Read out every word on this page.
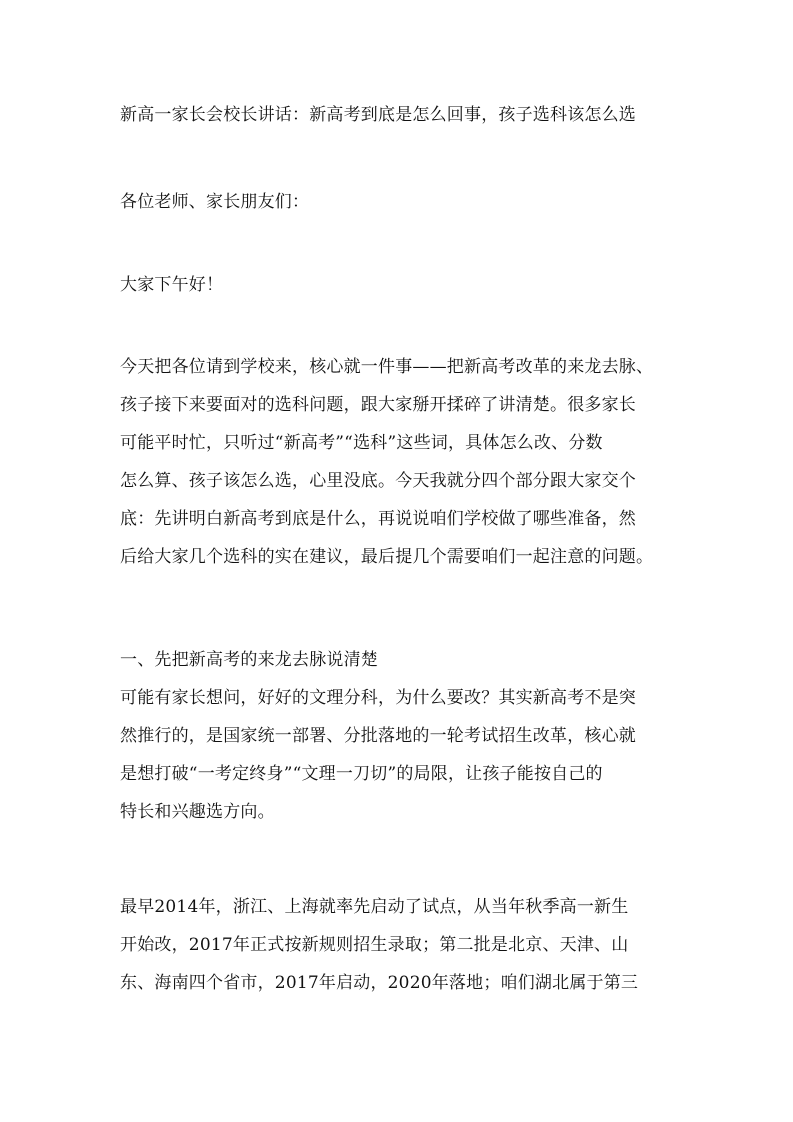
新高一家长会校长讲话：新高考到底是怎么回事，孩子选科该怎么选
各位老师、家长朋友们：
大家下午好！
今天把各位请到学校来，核心就一件事——把新高考改革的来龙去脉、
孩子接下来要面对的选科问题，跟大家掰开揉碎了讲清楚。很多家长
可能平时忙，只听过“新高考”“选科”这些词，具体怎么改、分数
怎么算、孩子该怎么选，心里没底。今天我就分四个部分跟大家交个
底：先讲明白新高考到底是什么，再说说咱们学校做了哪些准备，然
后给大家几个选科的实在建议，最后提几个需要咱们一起注意的问题。
一、先把新高考的来龙去脉说清楚
可能有家长想问，好好的文理分科，为什么要改？其实新高考不是突
然推行的，是国家统一部署、分批落地的一轮考试招生改革，核心就
是想打破“一考定终身”“文理一刀切”的局限，让孩子能按自己的
特长和兴趣选方向。
最早2014年，浙江、上海就率先启动了试点，从当年秋季高一新生
开始改，2017年正式按新规则招生录取；第二批是北京、天津、山
东、海南四个省市，2017年启动，2020年落地；咱们湖北属于第三
